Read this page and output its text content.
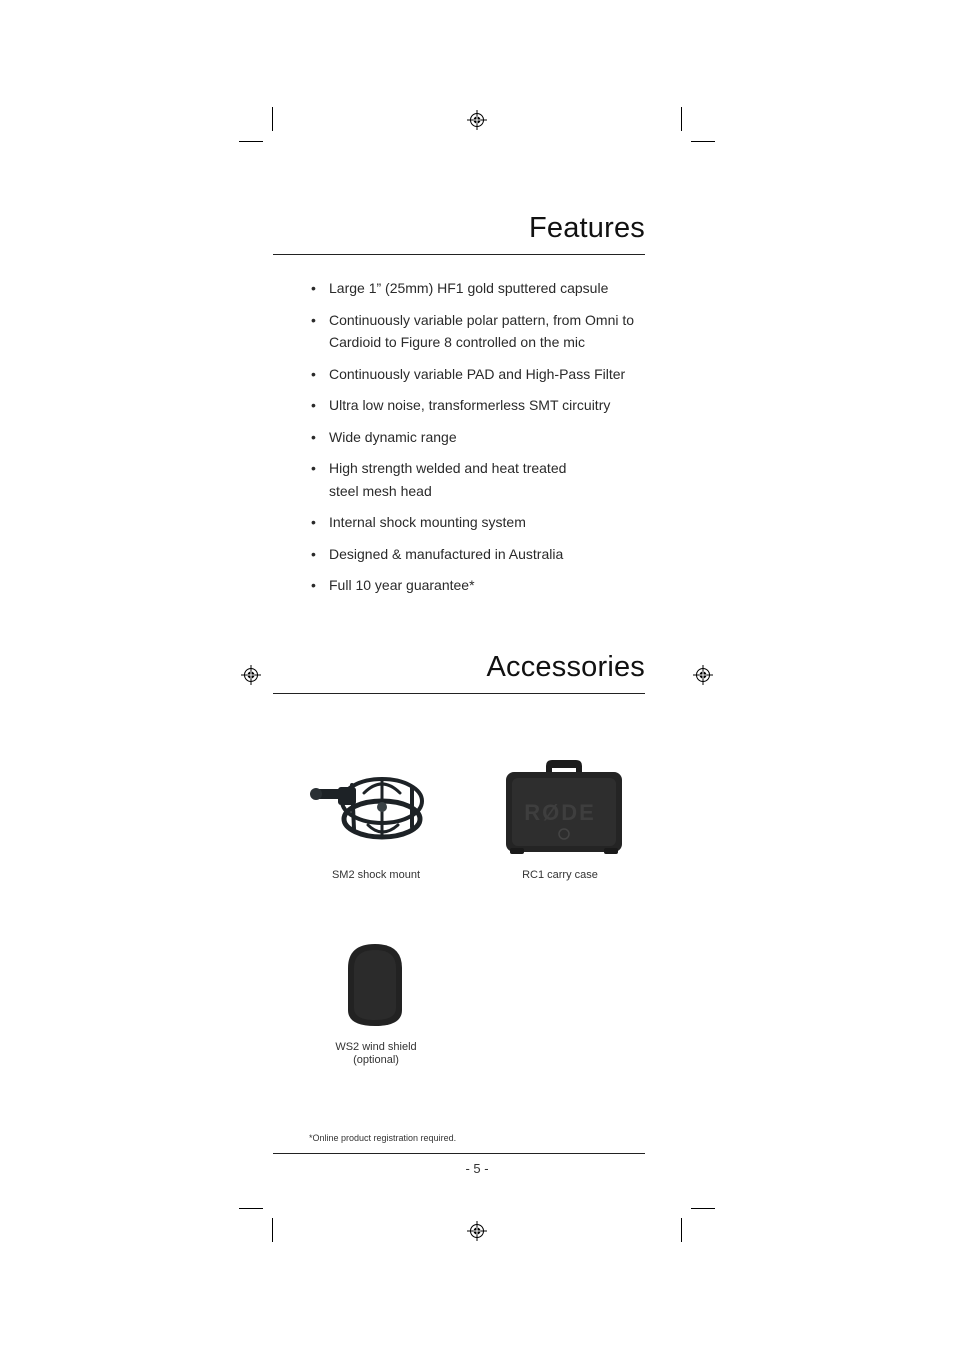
Features
• Large 1” (25mm) HF1 gold sputtered capsule
• Continuously variable polar pattern, from Omni to
Cardioid to Figure 8 controlled on the mic
• Continuously variable PAD and High-Pass Filter
• Ultra low noise, transformerless SMT circuitry
• Wide dynamic range
• High strength welded and heat treated
steel mesh head
• Internal shock mounting system
• Designed & manufactured in Australia
• Full 10 year guarantee*
Accessories
SM2 shock mount
RØDE
RC1 carry case
WS2 wind shield
(optional)
*Online product registration required.
- 5 -
